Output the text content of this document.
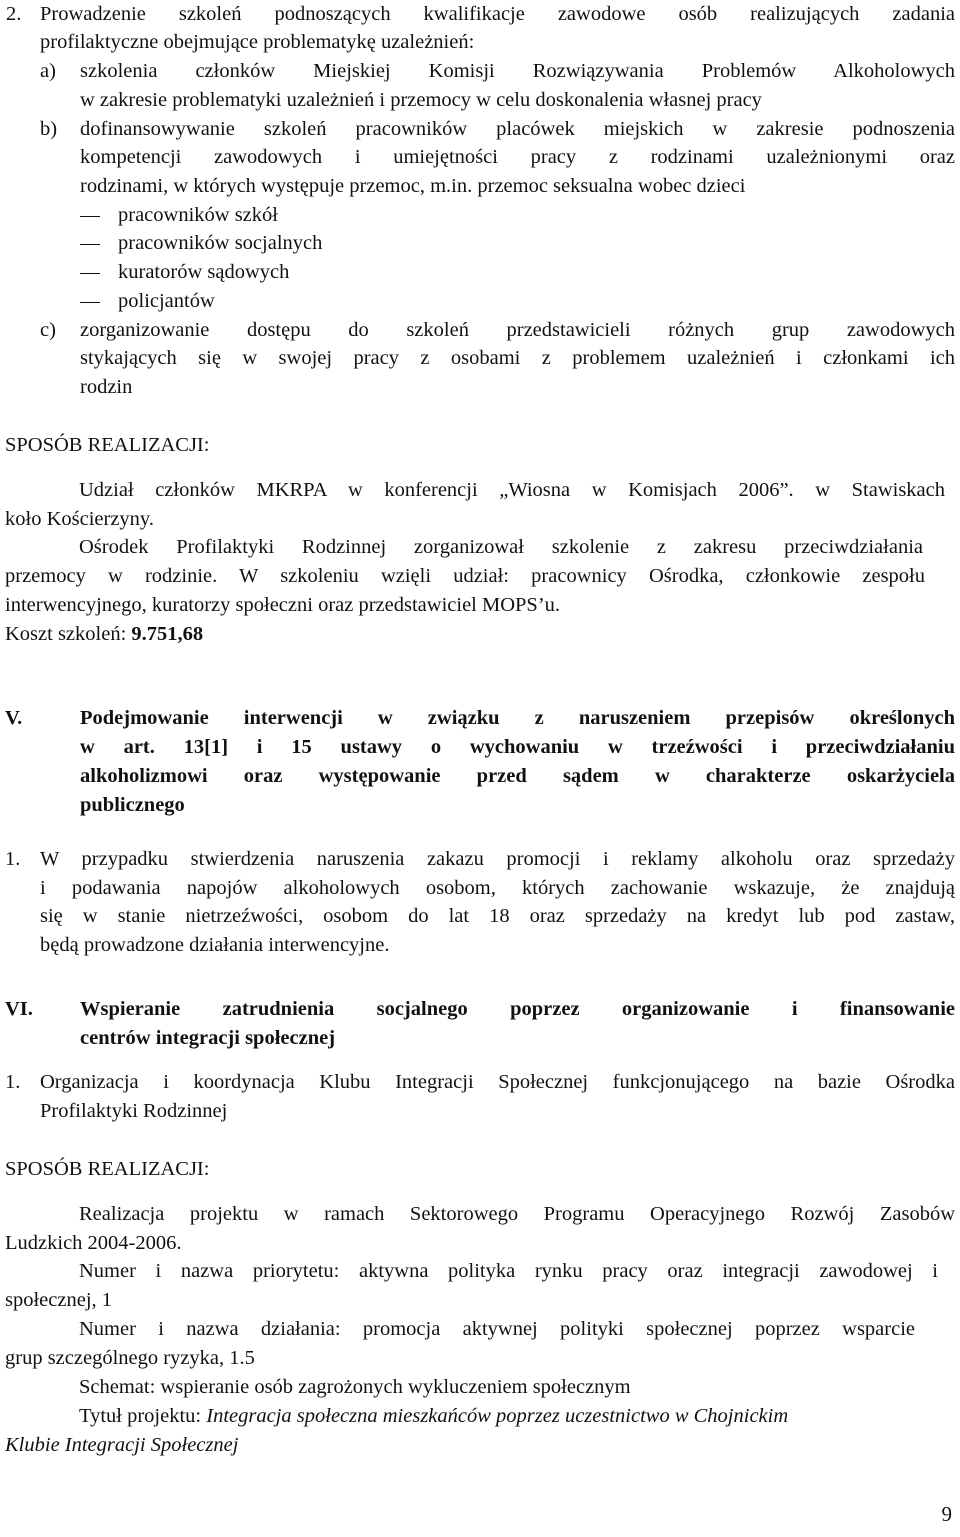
2. Prowadzenie szkoleń podnoszących kwalifikacje zawodowe osób realizujących zadania
profilaktyczne obejmujące problematykę uzależnień:
a) szkolenia członków Miejskiej Komisji Rozwiązywania Problemów Alkoholowych
w zakresie problematyki uzależnień i przemocy w celu doskonalenia własnej pracy
b) dofinansowywanie szkoleń pracowników placówek miejskich w zakresie podnoszenia
kompetencji zawodowych i umiejętności pracy z rodzinami uzależnionymi oraz
rodzinami, w których występuje przemoc, m.in. przemoc seksualna wobec dzieci
pracowników szkół
pracowników socjalnych
kuratorów sądowych
policjantów
c) zorganizowanie dostępu do szkoleń przedstawicieli różnych grup zawodowych
stykających się w swojej pracy z osobami z problemem uzależnień i członkami ich
rodzin
SPOSÓB REALIZACJI:
Udział członków MKRPA w konferencji „Wiosna w Komisjach 2006”. w Stawiskach
koło Kościerzyny.
Ośrodek Profilaktyki Rodzinnej zorganizował szkolenie z zakresu przeciwdziałania
przemocy w rodzinie. W szkoleniu wzięli udział: pracownicy Ośrodka, członkowie zespołu
interwencyjnego, kuratorzy społeczni oraz przedstawiciel MOPS’u.
Koszt szkoleń: 9.751,68
V.	Podejmowanie interwencji w związku z naruszeniem przepisów określonych
w art. 13[1] i 15 ustawy o wychowaniu w trzeźwości i przeciwdziałaniu
alkoholizmowi oraz występowanie przed sądem w charakterze oskarżyciela
publicznego
1. W przypadku stwierdzenia naruszenia zakazu promocji i reklamy alkoholu oraz sprzedaży
i podawania napojów alkoholowych osobom, których zachowanie wskazuje, że znajdują
się w stanie nietrzeźwości, osobom do lat 18 oraz sprzedaży na kredyt lub pod zastaw,
będą prowadzone działania interwencyjne.
VI. Wspieranie zatrudnienia socjalnego poprzez organizowanie i finansowanie
centrów integracji społecznej
1. Organizacja i koordynacja Klubu Integracji Społecznej funkcjonującego na bazie Ośrodka
Profilaktyki Rodzinnej
SPOSÓB REALIZACJI:
Realizacja projektu w ramach Sektorowego Programu Operacyjnego Rozwój Zasobów
Ludzkich 2004-2006.
Numer i nazwa priorytetu: aktywna polityka rynku pracy oraz integracji zawodowej i
społecznej, 1
Numer i nazwa działania: promocja aktywnej polityki społecznej poprzez wsparcie
grup szczególnego ryzyka, 1.5
Schemat: wspieranie osób zagrożonych wykluczeniem społecznym
Tytuł projektu: Integracja społeczna mieszkańców poprzez uczestnictwo w Chojnickim
Klubie Integracji Społecznej
9
